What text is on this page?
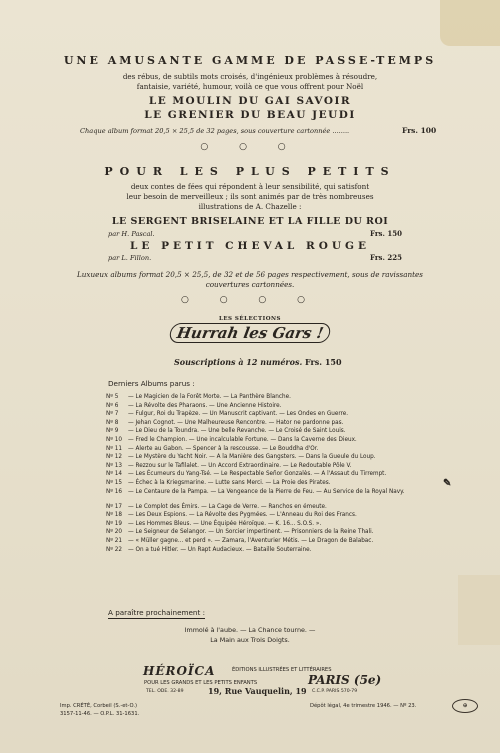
UNE AMUSANTE GAMME DE PASSE-TEMPS
des rébus, de subtils mots croisés, d'ingénieux problèmes à résoudre,
fantaisie, variété, humour, voilà ce que vous offrent pour Noël
LE MOULIN DU GAI SAVOIR
LE GRENIER DU BEAU JEUDI
Chaque album format 20,5 × 25,5 de 32 pages, sous couverture cartonnée ........	Frs. 100
○ ○ ○
POUR LES PLUS PETITS
deux contes de fées qui répondent à leur sensibilité, qui satisfont
leur besoin de merveilleux ; ils sont animés par de très nombreuses
illustrations de A. Chazelle :
LE SERGENT BRISELAINE ET LA FILLE DU ROI
par H. Pascal.	Frs. 150
LE PETIT CHEVAL ROUGE
par L. Fillon.	Frs. 225
Luxueux albums format 20,5 × 25,5, de 32 et de 56 pages respectivement, sous de ravissantes
couvertures cartonnées.
○ ○ ○ ○
LES SÉLECTIONS
Hurrah les Gars !
Souscriptions à 12 numéros. Frs. 150
Derniers Albums parus :
Nº 5	— Le Magicien de la Forêt Morte. — La Panthère Blanche.
Nº 6	— La Révolte des Pharaons. — Une Ancienne Histoire.
Nº 7	— Fulgur, Roi du Trapèze. — Un Manuscrit captivant. — Les Ondes en Guerre.
Nº 8	— Jehan Cognot. — Une Malheureuse Rencontre. — Hator ne pardonne pas.
Nº 9	— Le Dieu de la Toundra. — Une belle Revanche. — Le Croisé de Saint Louis.
Nº 10	— Fred le Champion. — Une incalculable Fortune. — Dans la Caverne des Dieux.
Nº 11	— Alerte au Gabon. — Spencer à la rescousse. — Le Bouddha d'Or.
Nº 12	— Le Mystère du Yacht Noir. — A la Manière des Gangsters. — Dans la Gueule du Loup.
Nº 13	— Rezzou sur le Tafilalet. — Un Accord Extraordinaire. — Le Redoutable Pôle V.
Nº 14	— Les Écumeurs du Yang-Tsé. — Le Respectable Señor Gonzalès. — A l'Assaut du Tirrempt.
Nº 15	— Échec à la Kriegsmarine. — Lutte sans Merci. — La Proie des Pirates.
Nº 16	— Le Centaure de la Pampa. — La Vengeance de la Pierre de Feu. — Au Service de la Royal Navy.
Nº 17	— Le Complot des Émirs. — La Cage de Verre. — Ranchos en émeute.
Nº 18	— Les Deux Espions. — La Révolte des Pygmées. — L'Anneau du Roi des Francs.
Nº 19	— Les Hommes Bleus. — Une Équipée Héroïque. — K. 16... S.O.S. ».
Nº 20	— Le Seigneur de Selangor. — Un Sorcier impertinent. — Prisonniers de la Reine Thali.
Nº 21	— « Müller gagne... et perd ». — Zamara, l'Aventurier Métis. — Le Dragon de Balabac.
Nº 22	— On a tué Hitler. — Un Rapt Audacieux. — Bataille Souterraine.
✎
A paraître prochainement :
Immolé à l'aube. — La Chance tourne. —
La Main aux Trois Doigts.
HÉROÏCA	ÉDITIONS ILLUSTRÉES ET LITTÉRAIRES
POUR LES GRANDS ET LES PETITS ENFANTS	PARIS (5e)
TEL. ODE. 32-89	19, Rue Vauquelin, 19 C.C.P. PARIS 570-79
Imp. CRÉTÉ, Corbeil (S.-et-O.)
3157-11-46. — O.P.L. 31-1631.
Dépôt légal, 4e trimestre 1946. — Nº 23.	⊕
